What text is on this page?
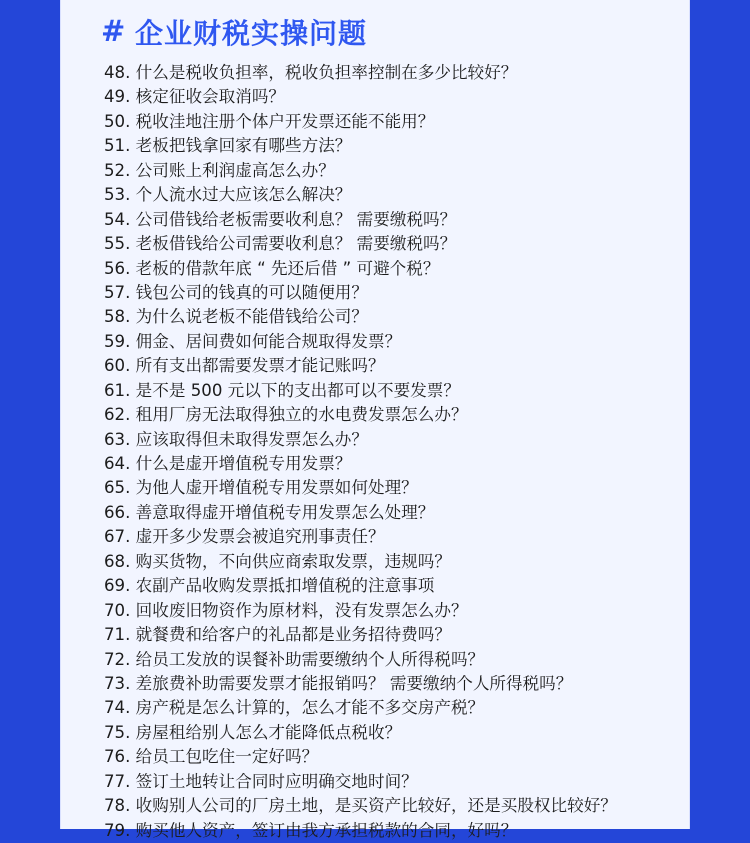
# 企业财税实操问题
48. 什么是税收负担率，税收负担率控制在多少比较好？
49. 核定征收会取消吗？
50. 税收洼地注册个体户开发票还能不能用？
51. 老板把钱拿回家有哪些方法？
52. 公司账上利润虚高怎么办？
53. 个人流水过大应该怎么解决？
54. 公司借钱给老板需要收利息？ 需要缴税吗？
55. 老板借钱给公司需要收利息？ 需要缴税吗？
56. 老板的借款年底 “ 先还后借 ” 可避个税？
57. 钱包公司的钱真的可以随便用？
58. 为什么说老板不能借钱给公司？
59. 佣金、居间费如何能合规取得发票？
60. 所有支出都需要发票才能记账吗？
61. 是不是 500 元以下的支出都可以不要发票？
62. 租用厂房无法取得独立的水电费发票怎么办？
63. 应该取得但未取得发票怎么办？
64. 什么是虚开增值税专用发票？
65. 为他人虚开增值税专用发票如何处理？
66. 善意取得虚开增值税专用发票怎么处理？
67. 虚开多少发票会被追究刑事责任？
68. 购买货物，不向供应商索取发票，违规吗？
69. 农副产品收购发票抵扣增值税的注意事项
70. 回收废旧物资作为原材料，没有发票怎么办？
71. 就餐费和给客户的礼品都是业务招待费吗？
72. 给员工发放的误餐补助需要缴纳个人所得税吗？
73. 差旅费补助需要发票才能报销吗？ 需要缴纳个人所得税吗？
74. 房产税是怎么计算的，怎么才能不多交房产税？
75. 房屋租给别人怎么才能降低点税收？
76. 给员工包吃住一定好吗？
77. 签订土地转让合同时应明确交地时间？
78. 收购别人公司的厂房土地，是买资产比较好，还是买股权比较好？
79. 购买他人资产，签订由我方承担税款的合同，好吗？
